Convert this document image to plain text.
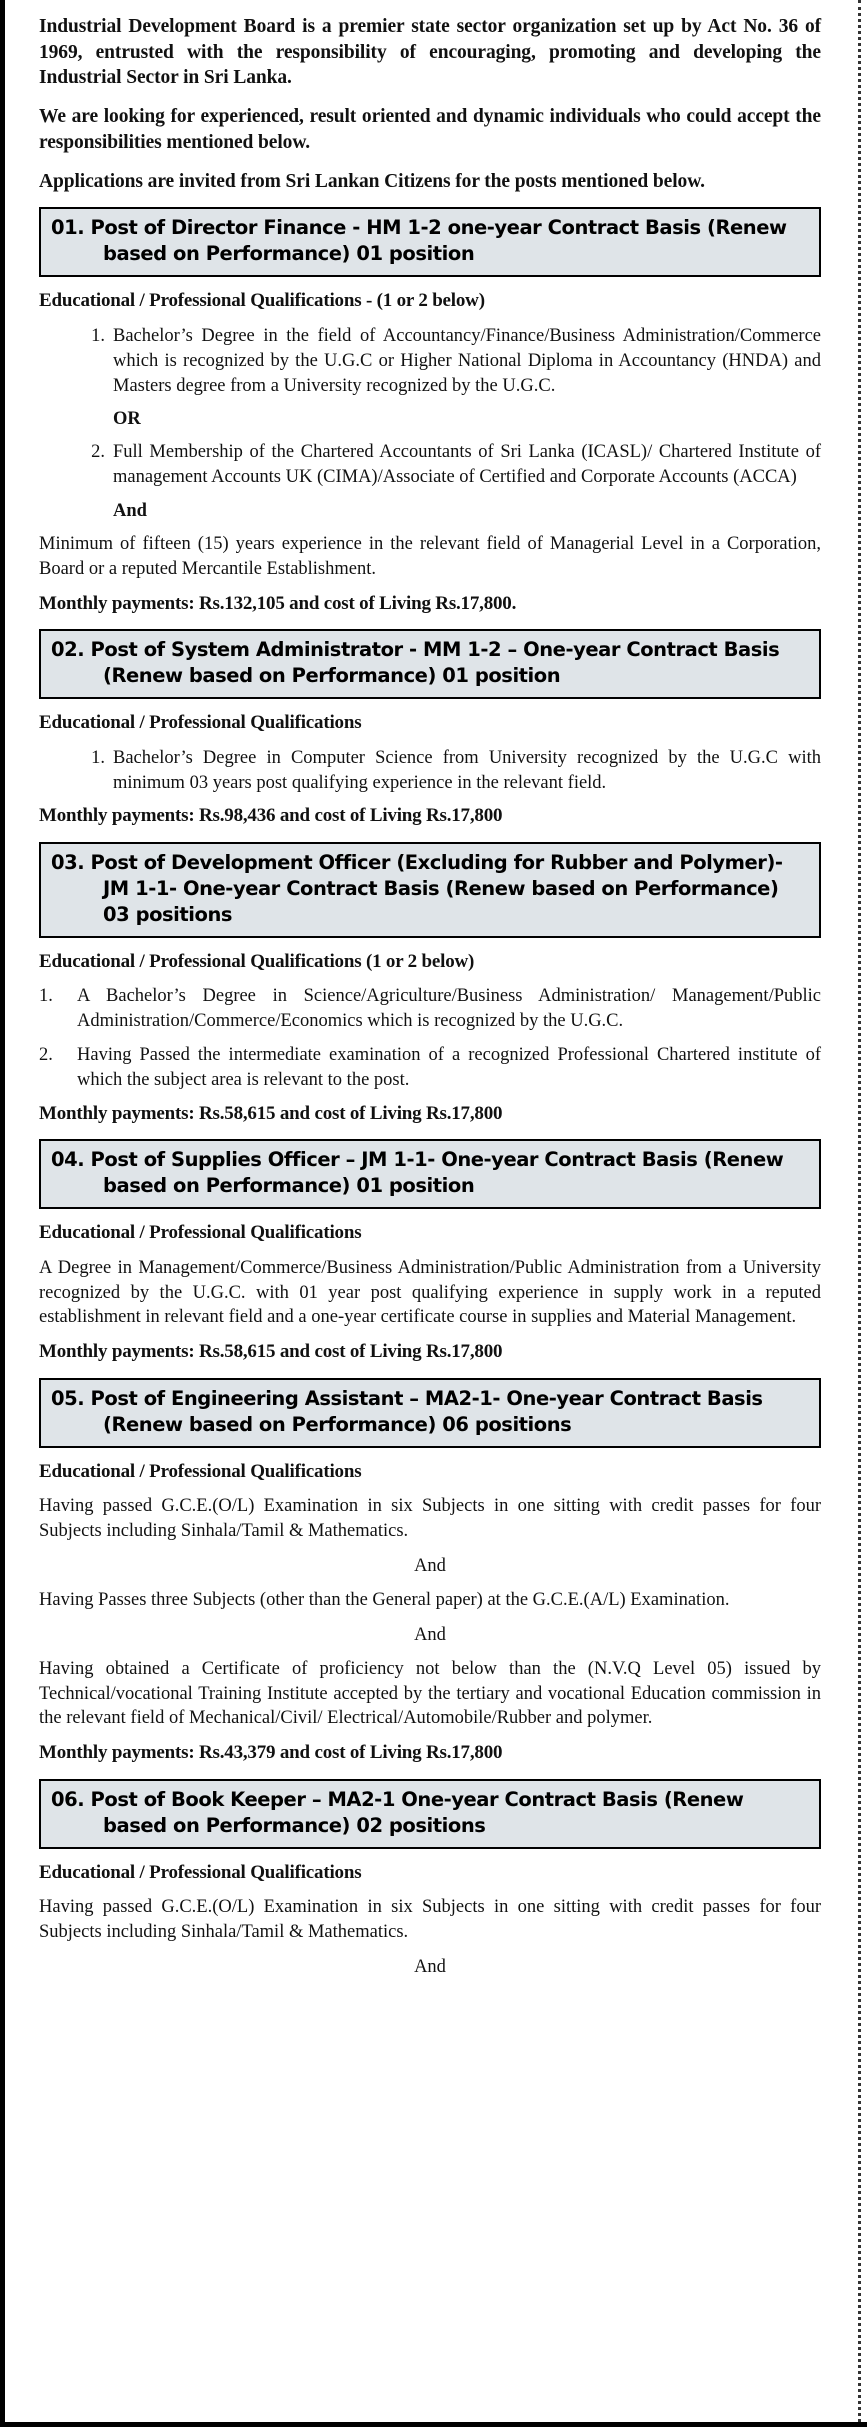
Industrial Development Board is a premier state sector organization set up by Act No. 36 of 1969, entrusted with the responsibility of encouraging, promoting and developing the Industrial Sector in Sri Lanka.

We are looking for experienced, result oriented and dynamic individuals who could accept the responsibilities mentioned below.

Applications are invited from Sri Lankan Citizens for the posts mentioned below.

01. Post of Director Finance - HM 1-2 one-year Contract Basis (Renew based on Performance) 01 position

Educational / Professional Qualifications - (1 or 2 below)

1. Bachelor’s Degree in the field of Accountancy/Finance/Business Administration/Commerce which is recognized by the U.G.C or Higher National Diploma in Accountancy (HNDA) and Masters degree from a University recognized by the U.G.C.

OR

2. Full Membership of the Chartered Accountants of Sri Lanka (ICASL)/ Chartered Institute of management Accounts UK (CIMA)/Associate of Certified and Corporate Accounts (ACCA)

And

Minimum of fifteen (15) years experience in the relevant field of Managerial Level in a Corporation, Board or a reputed Mercantile Establishment.

Monthly payments: Rs.132,105 and cost of Living Rs.17,800.

02. Post of System Administrator - MM 1-2 – One-year Contract Basis (Renew based on Performance) 01 position

Educational / Professional Qualifications

1. Bachelor’s Degree in Computer Science from University recognized by the U.G.C with minimum 03 years post qualifying experience in the relevant field.

Monthly payments: Rs.98,436 and cost of Living Rs.17,800

03. Post of Development Officer (Excluding for Rubber and Polymer)- JM 1-1- One-year Contract Basis (Renew based on Performance) 03 positions

Educational / Professional Qualifications (1 or 2 below)

1.	A Bachelor’s Degree in Science/Agriculture/Business Administration/ Management/Public Administration/Commerce/Economics which is recognized by the U.G.C.
2.	Having Passed the intermediate examination of a recognized Professional Chartered institute of which the subject area is relevant to the post.

Monthly payments: Rs.58,615 and cost of Living Rs.17,800

04. Post of Supplies Officer – JM 1-1- One-year Contract Basis (Renew based on Performance) 01 position

Educational / Professional Qualifications

A Degree in Management/Commerce/Business Administration/Public Administration from a University recognized by the U.G.C. with 01 year post qualifying experience in supply work in a reputed establishment in relevant field and a one-year certificate course in supplies and Material Management.

Monthly payments: Rs.58,615 and cost of Living Rs.17,800

05. Post of Engineering Assistant – MA2-1- One-year Contract Basis (Renew based on Performance) 06 positions

Educational / Professional Qualifications

Having passed G.C.E.(O/L) Examination in six Subjects in one sitting with credit passes for four Subjects including Sinhala/Tamil & Mathematics.

And

Having Passes three Subjects (other than the General paper) at the G.C.E.(A/L) Examination.

And

Having obtained a Certificate of proficiency not below than the (N.V.Q Level 05) issued by Technical/vocational Training Institute accepted by the tertiary and vocational Education commission in the relevant field of Mechanical/Civil/ Electrical/Automobile/Rubber and polymer.

Monthly payments: Rs.43,379 and cost of Living Rs.17,800

06. Post of Book Keeper – MA2-1 One-year Contract Basis (Renew based on Performance) 02 positions

Educational / Professional Qualifications

Having passed G.C.E.(O/L) Examination in six Subjects in one sitting with credit passes for four Subjects including Sinhala/Tamil & Mathematics.

And
